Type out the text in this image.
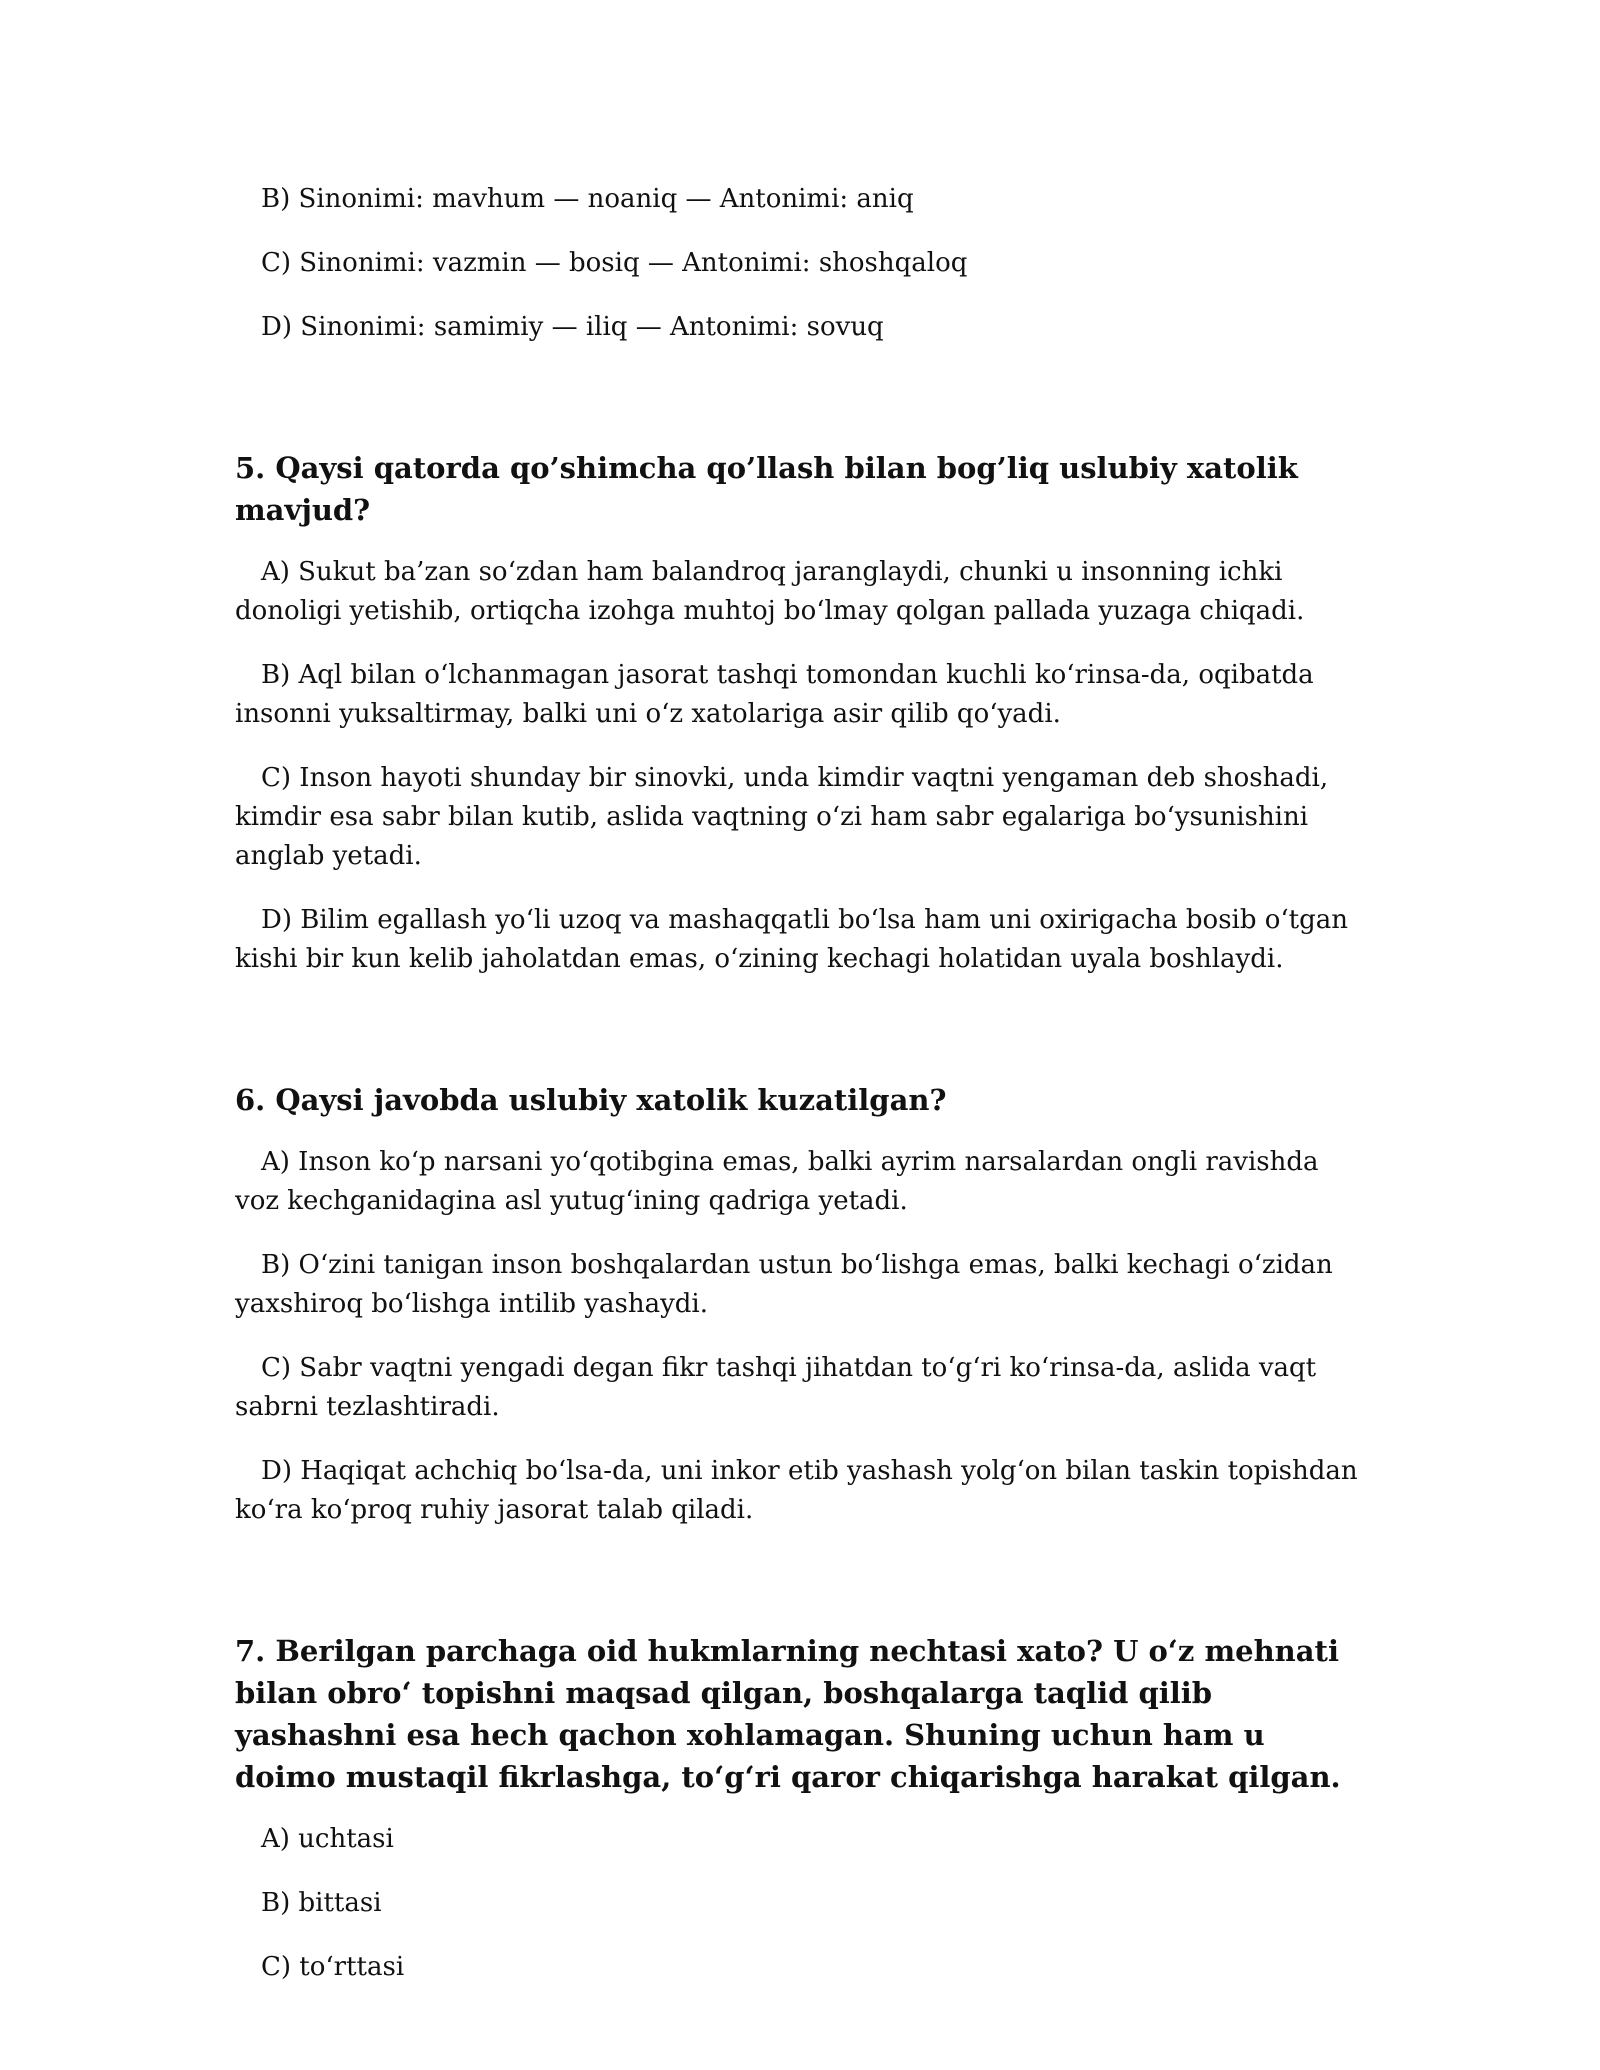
B) Sinonimi: mavhum — noaniq — Antonimi: aniq

C) Sinonimi: vazmin — bosiq — Antonimi: shoshqaloq

D) Sinonimi: samimiy — iliq — Antonimi: sovuq

5. Qaysi qatorda qo’shimcha qo’llash bilan bog’liq uslubiy xatolik mavjud?

A) Sukut ba’zan so‘zdan ham balandroq jaranglaydi, chunki u insonning ichki donoligi yetishib, ortiqcha izohga muhtoj bo‘lmay qolgan pallada yuzaga chiqadi.

B) Aql bilan o‘lchanmagan jasorat tashqi tomondan kuchli ko‘rinsa-da, oqibatda insonni yuksaltirmay, balki uni o‘z xatolariga asir qilib qo‘yadi.

C) Inson hayoti shunday bir sinovki, unda kimdir vaqtni yengaman deb shoshadi, kimdir esa sabr bilan kutib, aslida vaqtning o‘zi ham sabr egalariga bo‘ysunishini anglab yetadi.

D) Bilim egallash yo‘li uzoq va mashaqqatli bo‘lsa ham uni oxirigacha bosib o‘tgan kishi bir kun kelib jaholatdan emas, o‘zining kechagi holatidan uyala boshlaydi.

6. Qaysi javobda uslubiy xatolik kuzatilgan?

A) Inson ko‘p narsani yo‘qotibgina emas, balki ayrim narsalardan ongli ravishda voz kechganidagina asl yutug‘ining qadriga yetadi.

B) O‘zini tanigan inson boshqalardan ustun bo‘lishga emas, balki kechagi o‘zidan yaxshiroq bo‘lishga intilib yashaydi.

C) Sabr vaqtni yengadi degan fikr tashqi jihatdan to‘g‘ri ko‘rinsa-da, aslida vaqt sabrni tezlashtiradi.

D) Haqiqat achchiq bo‘lsa-da, uni inkor etib yashash yolg‘on bilan taskin topishdan ko‘ra ko‘proq ruhiy jasorat talab qiladi.

7. Berilgan parchaga oid hukmlarning nechtasi xato? U o‘z mehnati bilan obro‘ topishni maqsad qilgan, boshqalarga taqlid qilib yashashni esa hech qachon xohlamagan. Shuning uchun ham u doimo mustaqil fikrlashga, to‘g‘ri qaror chiqarishga harakat qilgan.

A) uchtasi

B) bittasi

C) to‘rttasi
